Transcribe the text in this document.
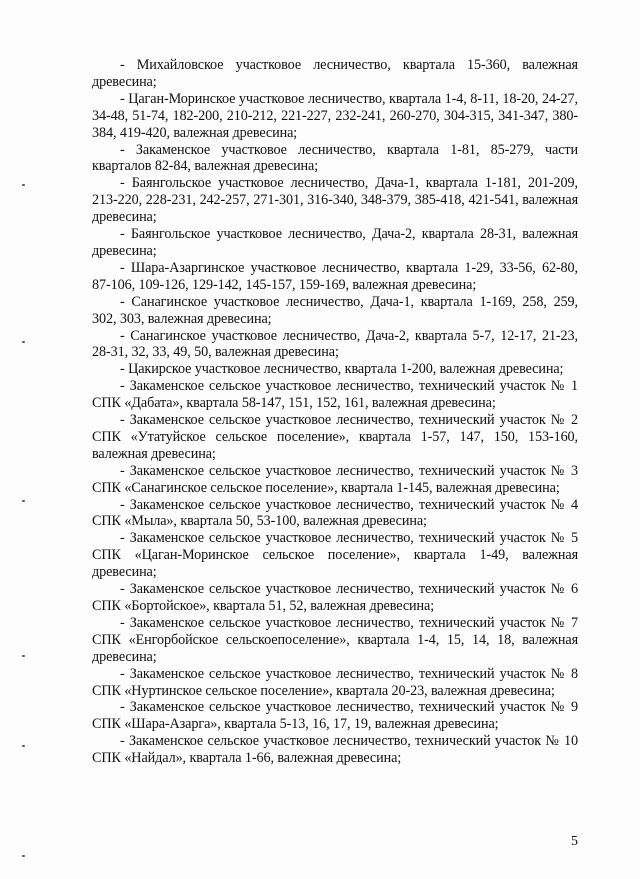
- Михайловское участковое лесничество, квартала 15-360, валежная древесина;

- Цаган-Моринское участковое лесничество, квартала 1-4, 8-11, 18-20, 24-27, 34-48, 51-74, 182-200, 210-212, 221-227, 232-241, 260-270, 304-315, 341-347, 380-384, 419-420, валежная древесина;

- Закаменское участковое лесничество, квартала 1-81, 85-279, части кварталов 82-84, валежная древесина;

- Баянгольское участковое лесничество, Дача-1, квартала 1-181, 201-209, 213-220, 228-231, 242-257, 271-301, 316-340, 348-379, 385-418, 421-541, валежная древесина;

- Баянгольское участковое лесничество, Дача-2, квартала 28-31, валежная древесина;

- Шара-Азаргинское участковое лесничество, квартала 1-29, 33-56, 62-80, 87-106, 109-126, 129-142, 145-157, 159-169, валежная древесина;

- Санагинское участковое лесничество, Дача-1, квартала 1-169, 258, 259, 302, 303, валежная древесина;

- Санагинское участковое лесничество, Дача-2, квартала 5-7, 12-17, 21-23, 28-31, 32, 33, 49, 50, валежная древесина;

- Цакирское участковое лесничество, квартала 1-200, валежная древесина;

- Закаменское сельское участковое лесничество, технический участок № 1 СПК «Дабата», квартала 58-147, 151, 152, 161, валежная древесина;

- Закаменское сельское участковое лесничество, технический участок № 2 СПК «Утатуйское сельское поселение», квартала 1-57, 147, 150, 153-160, валежная древесина;

- Закаменское сельское участковое лесничество, технический участок № 3 СПК «Санагинское сельское поселение», квартала 1-145, валежная древесина;

- Закаменское сельское участковое лесничество, технический участок № 4 СПК «Мыла», квартала 50, 53-100, валежная древесина;

- Закаменское сельское участковое лесничество, технический участок № 5 СПК «Цаган-Моринское сельское поселение», квартала 1-49, валежная древесина;

- Закаменское сельское участковое лесничество, технический участок № 6 СПК «Бортойское», квартала 51, 52, валежная древесина;

- Закаменское сельское участковое лесничество, технический участок № 7 СПК «Енгорбойское сельскоепоселение», квартала 1-4, 15, 14, 18, валежная древесина;

- Закаменское сельское участковое лесничество, технический участок № 8 СПК «Нуртинское сельское поселение», квартала 20-23, валежная древесина;

- Закаменское сельское участковое лесничество, технический участок № 9 СПК «Шара-Азарга», квартала 5-13, 16, 17, 19, валежная древесина;

- Закаменское сельское участковое лесничество, технический участок № 10 СПК «Найдал», квартала 1-66, валежная древесина;

5
